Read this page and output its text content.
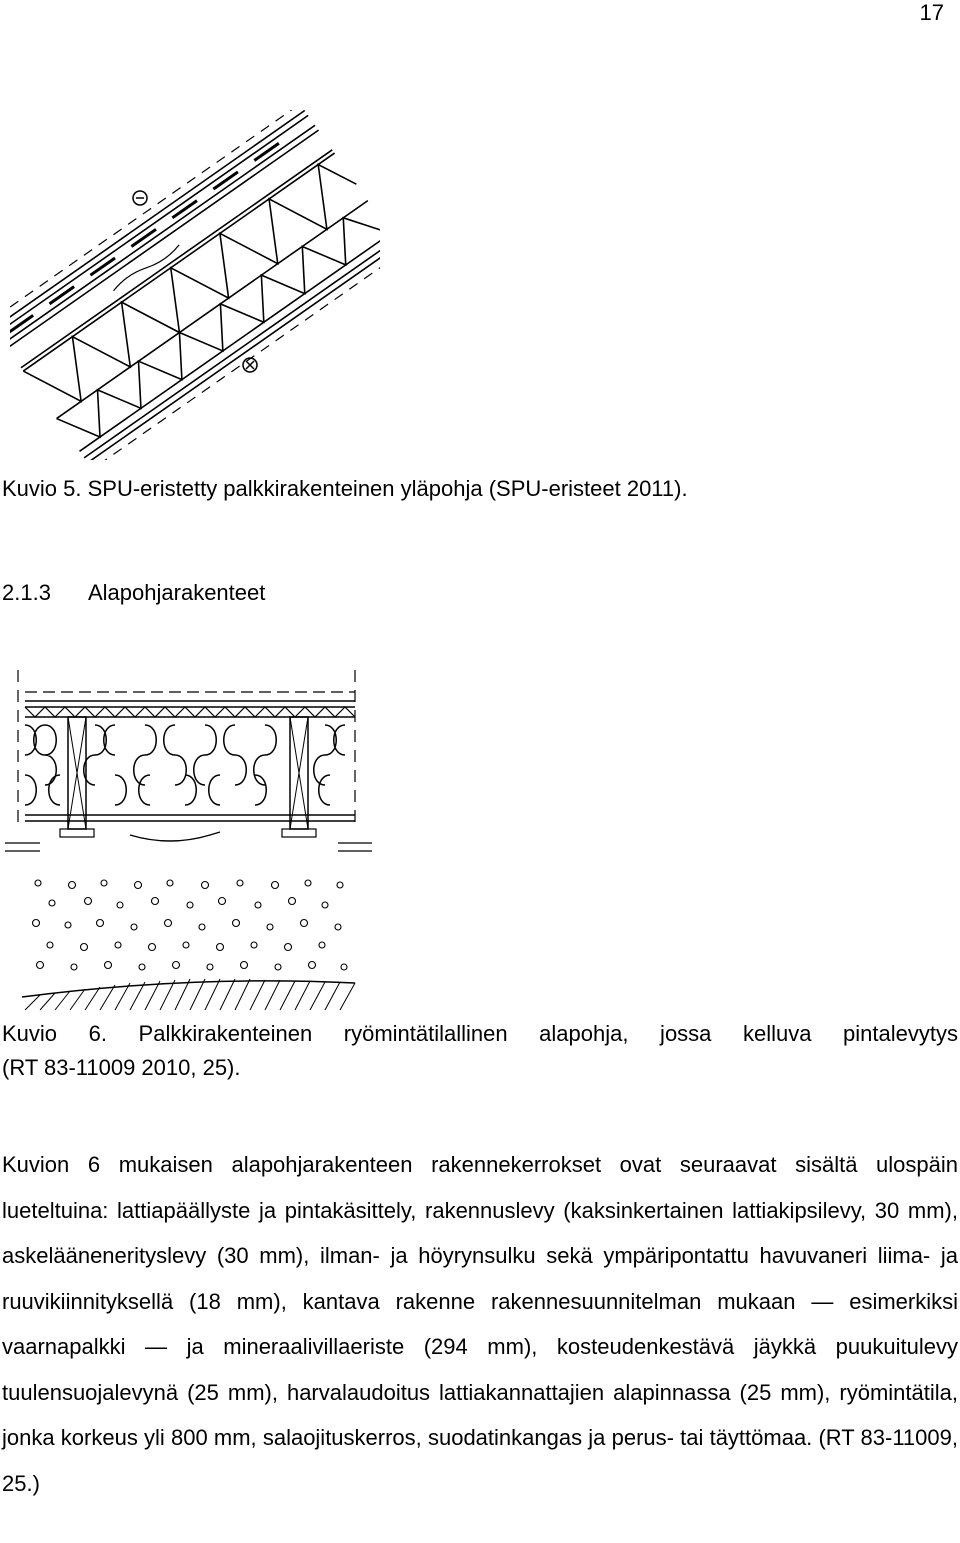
17
Kuvio 5. SPU-eristetty palkkirakenteinen yläpohja (SPU-eristeet 2011).
2.1.3 Alapohjarakenteet
Kuvio 6. Palkkirakenteinen ryömintätilallinen alapohja, jossa kelluva pintalevytys
(RT 83-11009 2010, 25).
Kuvion 6 mukaisen alapohjarakenteen rakennekerrokset ovat seuraavat sisältä ulospäin lueteltuina: lattiapäällyste ja pintakäsittely, rakennuslevy (kaksinkertainen lattiakipsilevy, 30 mm), askeläänenerityslevy (30 mm), ilman- ja höyrynsulku sekä ympäripontattu havuvaneri liima- ja ruuvikiinnityksellä (18 mm), kantava rakenne rakennesuunnitelman mukaan — esimerkiksi vaarnapalkki — ja mineraalivillaeriste (294 mm), kosteudenkestävä jäykkä puukuitulevy tuulensuojalevynä (25 mm), harvalaudoitus lattiakannattajien alapinnassa (25 mm), ryömintätila, jonka korkeus yli 800 mm, salaojituskerros, suodatinkangas ja perus- tai täyttömaa. (RT 83-11009, 25.)
